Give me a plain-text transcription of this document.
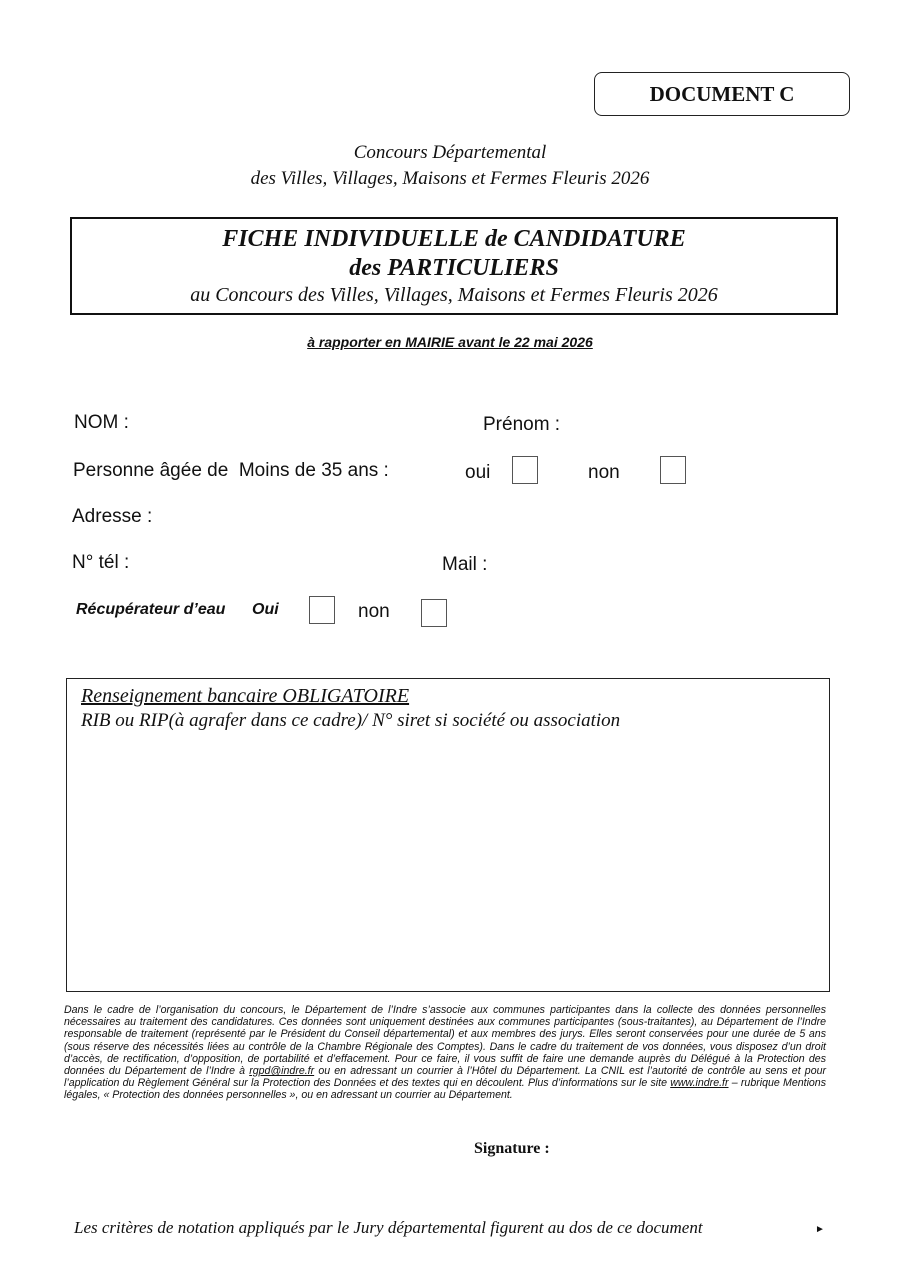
DOCUMENT C
Concours Départemental
des Villes, Villages, Maisons et Fermes Fleuris 2026
FICHE INDIVIDUELLE de CANDIDATURE
des PARTICULIERS
au Concours des Villes, Villages, Maisons et Fermes Fleuris 2026
à rapporter en MAIRIE avant le 22 mai 2026
NOM :	Prénom :
Personne âgée de  Moins de 35 ans :	oui	non
Adresse :
N° tél :	Mail :
Récupérateur d’eau Oui	non
Renseignement bancaire OBLIGATOIRE
RIB ou RIP(à agrafer dans ce cadre)/ N° siret si société ou association
Dans le cadre de l’organisation du concours, le Département de l’Indre s’associe aux communes participantes dans la collecte des données personnelles nécessaires au traitement des candidatures. Ces données sont uniquement destinées aux communes participantes (sous-traitantes), au Département de l’Indre responsable de traitement (représenté par le Président du Conseil départemental) et aux membres des jurys. Elles seront conservées pour une durée de 5 ans (sous réserve des nécessités liées au contrôle de la Chambre Régionale des Comptes). Dans le cadre du traitement de vos données, vous disposez d’un droit d’accès, de rectification, d’opposition, de portabilité et d’effacement. Pour ce faire, il vous suffit de faire une demande auprès du Délégué à la Protection des données du Département de l’Indre à rgpd@indre.fr ou en adressant un courrier à l’Hôtel du Département. La CNIL est l’autorité de contrôle au sens et pour l’application du Règlement Général sur la Protection des Données et des textes qui en découlent. Plus d’informations sur le site www.indre.fr – rubrique Mentions légales, « Protection des données personnelles », ou en adressant un courrier au Département.
Signature :
Les critères de notation appliqués par le Jury départemental figurent au dos de ce document	►
